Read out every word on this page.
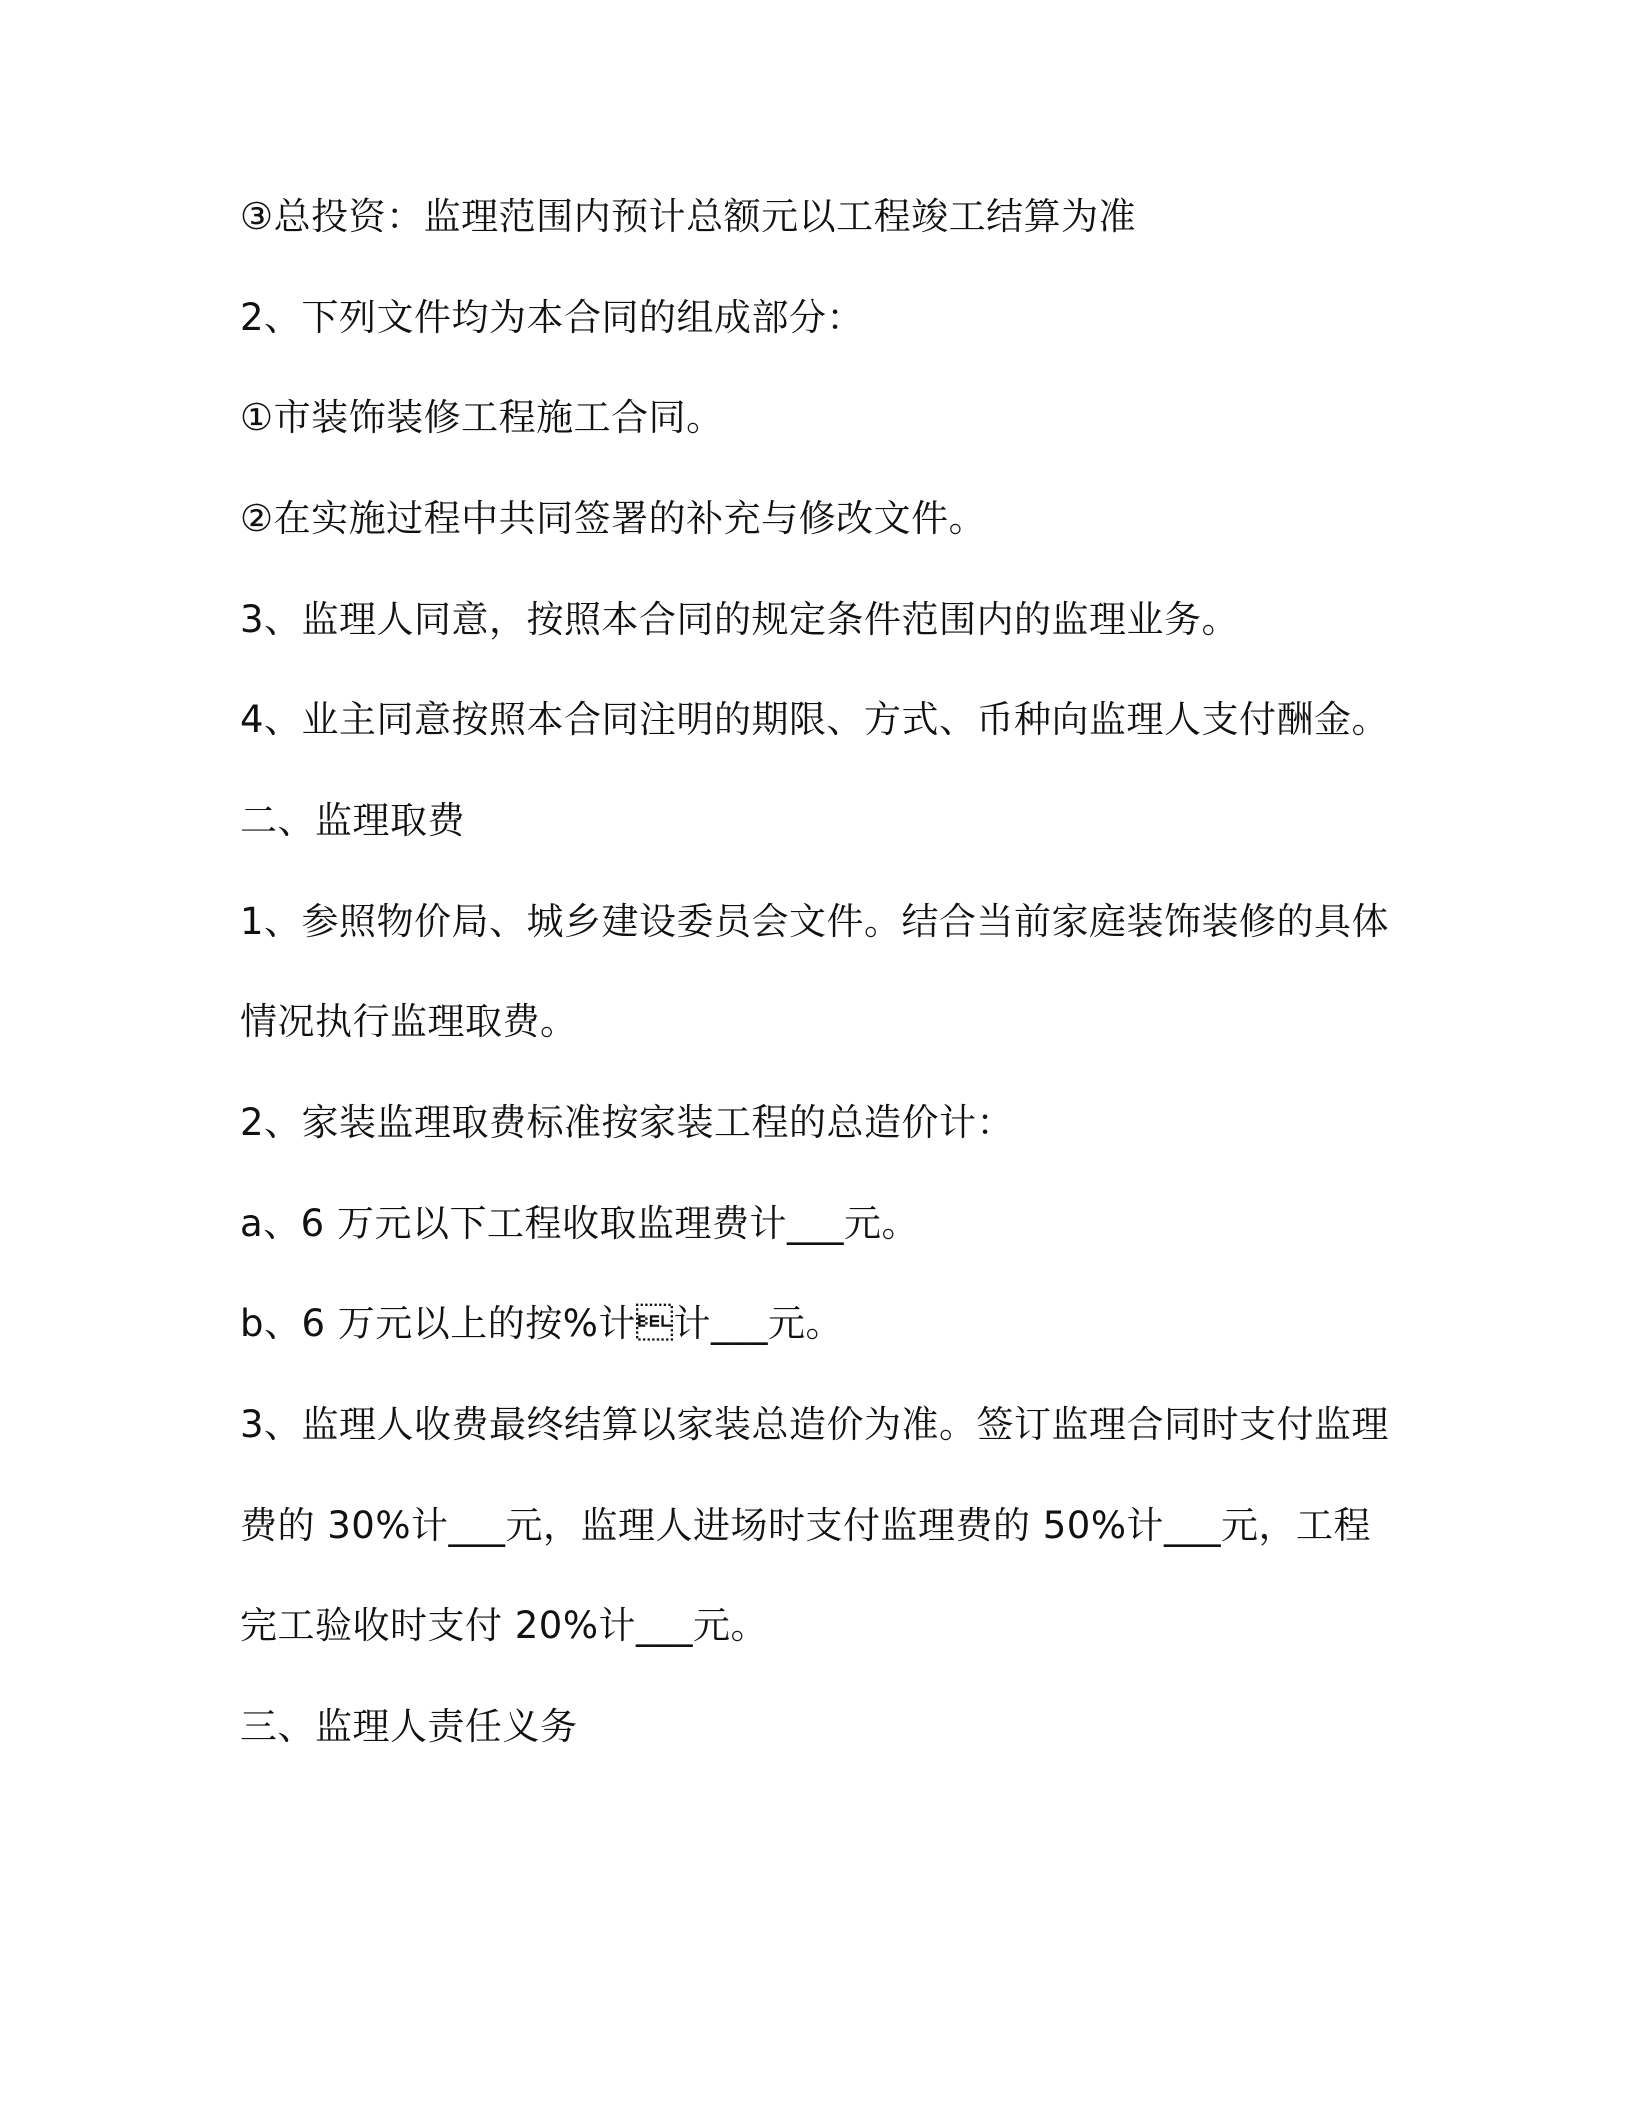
③总投资：监理范围内预计总额元以工程竣工结算为准
2、下列文件均为本合同的组成部分：
①市装饰装修工程施工合同。
②在实施过程中共同签署的补充与修改文件。
3、监理人同意，按照本合同的规定条件范围内的监理业务。
4、业主同意按照本合同注明的期限、方式、币种向监理人支付酬金。
二、监理取费
1、参照物价局、城乡建设委员会文件。结合当前家庭装饰装修的具体
情况执行监理取费。
2、家装监理取费标准按家装工程的总造价计：
a、6 万元以下工程收取监理费计___元。
b、6 万元以上的按%计计___元。
3、监理人收费最终结算以家装总造价为准。签订监理合同时支付监理
费的 30%计___元，监理人进场时支付监理费的 50%计___元，工程
完工验收时支付 20%计___元。
三、监理人责任义务
